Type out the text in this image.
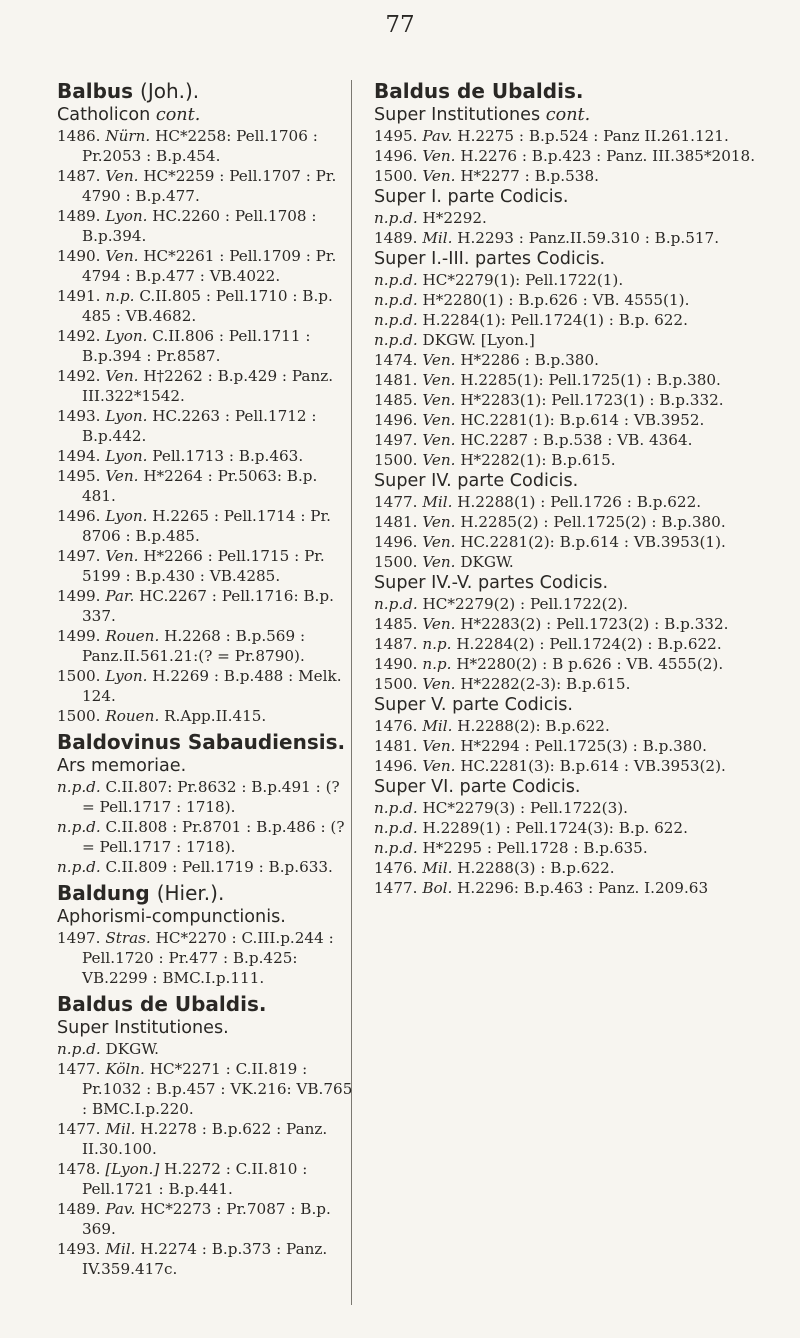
77
Balbus (Joh.).
Catholicon cont.
1486. Nürn. HC*2258: Pell.1706 : Pr.2053 : B.p.454.
1487. Ven. HC*2259 : Pell.1707 : Pr. 4790 : B.p.477.
1489. Lyon. HC.2260 : Pell.1708 : B.p.394.
1490. Ven. HC*2261 : Pell.1709 : Pr. 4794 : B.p.477 : VB.4022.
1491. n.p. C.II.805 : Pell.1710 : B.p. 485 : VB.4682.
1492. Lyon. C.II.806 : Pell.1711 : B.p.394 : Pr.8587.
1492. Ven. H†2262 : B.p.429 : Panz. III.322*1542.
1493. Lyon. HC.2263 : Pell.1712 : B.p.442.
1494. Lyon. Pell.1713 : B.p.463.
1495. Ven. H*2264 : Pr.5063: B.p. 481.
1496. Lyon. H.2265 : Pell.1714 : Pr. 8706 : B.p.485.
1497. Ven. H*2266 : Pell.1715 : Pr. 5199 : B.p.430 : VB.4285.
1499. Par. HC.2267 : Pell.1716: B.p. 337.
1499. Rouen. H.2268 : B.p.569 : Panz.II.561.21:(? = Pr.8790).
1500. Lyon. H.2269 : B.p.488 : Melk. 124.
1500. Rouen. R.App.II.415.
Baldovinus Sabaudiensis.
Ars memoriae.
n.p.d. C.II.807: Pr.8632 : B.p.491 : (? = Pell.1717 : 1718).
n.p.d. C.II.808 : Pr.8701 : B.p.486 : (? = Pell.1717 : 1718).
n.p.d. C.II.809 : Pell.1719 : B.p.633.
Baldung (Hier.).
Aphorismi-compunctionis.
1497. Stras. HC*2270 : C.III.p.244 : Pell.1720 : Pr.477 : B.p.425: VB.2299 : BMC.I.p.111.
Baldus de Ubaldis.
Super Institutiones.
n.p.d. DKGW.
1477. Köln. HC*2271 : C.II.819 : Pr.1032 : B.p.457 : VK.216: VB.765 : BMC.I.p.220.
1477. Mil. H.2278 : B.p.622 : Panz. II.30.100.
1478. [Lyon.] H.2272 : C.II.810 : Pell.1721 : B.p.441.
1489. Pav. HC*2273 : Pr.7087 : B.p. 369.
1493. Mil. H.2274 : B.p.373 : Panz. IV.359.417c.
Baldus de Ubaldis.
Super Institutiones cont.
1495. Pav. H.2275 : B.p.524 : Panz II.261.121.
1496. Ven. H.2276 : B.p.423 : Panz. III.385*2018.
1500. Ven. H*2277 : B.p.538.
Super I. parte Codicis.
n.p.d. H*2292.
1489. Mil. H.2293 : Panz.II.59.310 : B.p.517.
Super I.-III. partes Codicis.
n.p.d. HC*2279(1): Pell.1722(1).
n.p.d. H*2280(1) : B.p.626 : VB. 4555(1).
n.p.d. H.2284(1): Pell.1724(1) : B.p. 622.
n.p.d. DKGW. [Lyon.]
1474. Ven. H*2286 : B.p.380.
1481. Ven. H.2285(1): Pell.1725(1) : B.p.380.
1485. Ven. H*2283(1): Pell.1723(1) : B.p.332.
1496. Ven. HC.2281(1): B.p.614 : VB.3952.
1497. Ven. HC.2287 : B.p.538 : VB. 4364.
1500. Ven. H*2282(1): B.p.615.
Super IV. parte Codicis.
1477. Mil. H.2288(1) : Pell.1726 : B.p.622.
1481. Ven. H.2285(2) : Pell.1725(2) : B.p.380.
1496. Ven. HC.2281(2): B.p.614 : VB.3953(1).
1500. Ven. DKGW.
Super IV.-V. partes Codicis.
n.p.d. HC*2279(2) : Pell.1722(2).
1485. Ven. H*2283(2) : Pell.1723(2) : B.p.332.
1487. n.p. H.2284(2) : Pell.1724(2) : B.p.622.
1490. n.p. H*2280(2) : B p.626 : VB. 4555(2).
1500. Ven. H*2282(2-3): B.p.615.
Super V. parte Codicis.
1476. Mil. H.2288(2): B.p.622.
1481. Ven. H*2294 : Pell.1725(3) : B.p.380.
1496. Ven. HC.2281(3): B.p.614 : VB.3953(2).
Super VI. parte Codicis.
n.p.d. HC*2279(3) : Pell.1722(3).
n.p.d. H.2289(1) : Pell.1724(3): B.p. 622.
n.p.d. H*2295 : Pell.1728 : B.p.635.
1476. Mil. H.2288(3) : B.p.622.
1477. Bol. H.2296: B.p.463 : Panz. I.209.63
